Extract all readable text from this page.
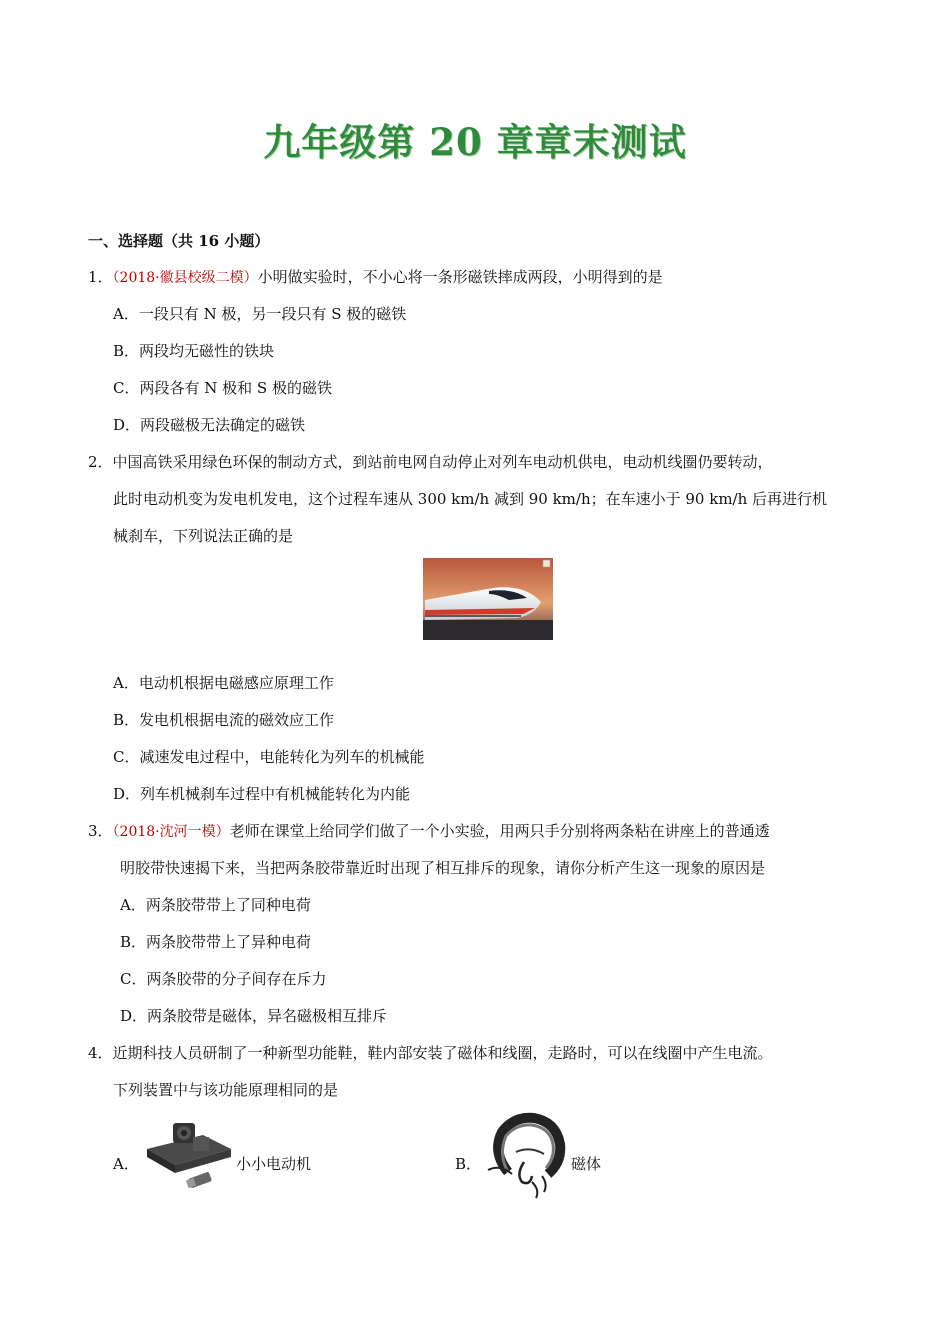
九年级第 20 章章末测试
一、选择题（共 16 小题）
1．（2018·徽县校级二模）小明做实验时，不小心将一条形磁铁摔成两段，小明得到的是
A．一段只有 N 极，另一段只有 S 极的磁铁
B．两段均无磁性的铁块
C．两段各有 N 极和 S 极的磁铁
D．两段磁极无法确定的磁铁
2．中国高铁采用绿色环保的制动方式，到站前电网自动停止对列车电动机供电，电动机线圈仍要转动，
此时电动机变为发电机发电，这个过程车速从 300 km/h 减到 90 km/h；在车速小于 90 km/h 后再进行机
械刹车，下列说法正确的是
A．电动机根据电磁感应原理工作
B．发电机根据电流的磁效应工作
C．减速发电过程中，电能转化为列车的机械能
D．列车机械刹车过程中有机械能转化为内能
3．（2018·沈河一模）老师在课堂上给同学们做了一个小实验，用两只手分别将两条粘在讲座上的普通透
明胶带快速揭下来，当把两条胶带靠近时出现了相互排斥的现象，请你分析产生这一现象的原因是
A．两条胶带带上了同种电荷
B．两条胶带带上了异种电荷
C．两条胶带的分子间存在斥力
D．两条胶带是磁体，异名磁极相互排斥
4．近期科技人员研制了一种新型功能鞋，鞋内部安装了磁体和线圈，走路时，可以在线圈中产生电流。
下列装置中与该功能原理相同的是
A．	小小电动机	B．	磁体
